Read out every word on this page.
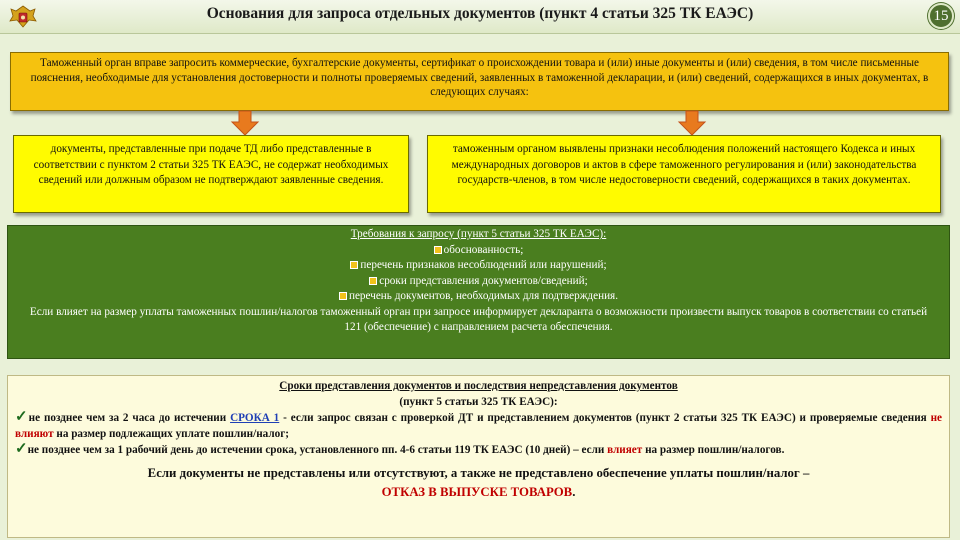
Основания для запроса отдельных документов (пункт 4 статьи 325 ТК ЕАЭС)	15
Таможенный орган вправе запросить коммерческие, бухгалтерские документы, сертификат о происхождении товара и (или) иные документы и (или) сведения, в том числе письменные пояснения, необходимые для установления достоверности и полноты проверяемых сведений, заявленных в таможенной декларации, и (или) сведений, содержащихся в иных документах, в следующих случаях:
документы, представленные при подаче ТД либо представленные в соответствии с пунктом 2 статьи 325 ТК ЕАЭС, не содержат необходимых сведений или должным образом не подтверждают заявленные сведения.
таможенным органом выявлены признаки несоблюдения положений настоящего Кодекса и иных международных договоров и актов в сфере таможенного регулирования и (или) законодательства государств-членов, в том числе недостоверности сведений, содержащихся в таких документах.
Требования к запросу (пункт 5 статьи 325 ТК ЕАЭС):
обоснованность;
перечень признаков несоблюдений или нарушений;
сроки представления документов/сведений;
перечень документов, необходимых для подтверждения.
Если влияет на размер уплаты таможенных пошлин/налогов таможенный орган при запросе информирует декларанта о возможности произвести выпуск товаров в соответствии со статьей 121 (обеспечение) с направлением расчета обеспечения.
Сроки представления документов и последствия непредставления документов
(пункт 5 статьи 325 ТК ЕАЭС):
✓не позднее чем за 2 часа до истечении СРОКА 1 - если запрос связан с проверкой ДТ и представлением документов (пункт 2 статьи 325 ТК ЕАЭС) и проверяемые сведения не влияют на размер подлежащих уплате пошлин/налог;
✓не позднее чем за 1 рабочий день до истечении срока, установленного пп. 4-6 статьи 119 ТК ЕАЭС (10 дней) – если влияет на размер пошлин/налогов.
Если документы не представлены или отсутствуют, а также не представлено обеспечение уплаты пошлин/налог –
ОТКАЗ В ВЫПУСКЕ ТОВАРОВ.
